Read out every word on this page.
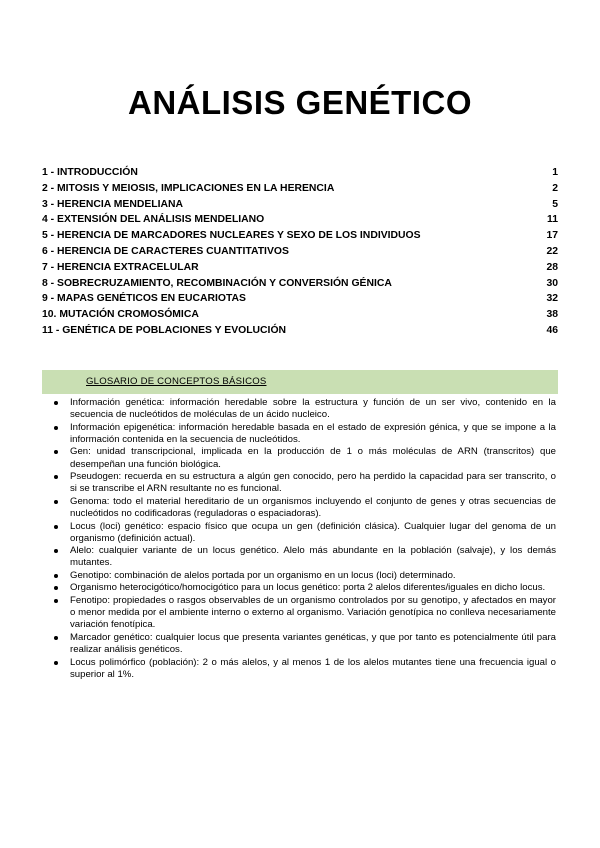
ANÁLISIS GENÉTICO
1 - INTRODUCCIÓN	1
2 - MITOSIS Y MEIOSIS, IMPLICACIONES EN LA HERENCIA	2
3 - HERENCIA MENDELIANA	5
4 - EXTENSIÓN DEL ANÁLISIS MENDELIANO	11
5 - HERENCIA DE MARCADORES NUCLEARES Y SEXO DE LOS INDIVIDUOS	17
6 - HERENCIA DE CARACTERES CUANTITATIVOS	22
7 - HERENCIA EXTRACELULAR	28
8 - SOBRECRUZAMIENTO, RECOMBINACIÓN Y CONVERSIÓN GÉNICA	30
9 - MAPAS GENÉTICOS EN EUCARIOTAS	32
10. MUTACIÓN CROMOSÓMICA	38
11 - GENÉTICA DE POBLACIONES Y EVOLUCIÓN	46
GLOSARIO DE CONCEPTOS BÁSICOS
Información genética: información heredable sobre la estructura y función de un ser vivo, contenido en la secuencia de nucleótidos de moléculas de un ácido nucleico.
Información epigenética: información heredable basada en el estado de expresión génica, y que se impone a la información contenida en la secuencia de nucleótidos.
Gen: unidad transcripcional, implicada en la producción de 1 o más moléculas de ARN (transcritos) que desempeñan una función biológica.
Pseudogen: recuerda en su estructura a algún gen conocido, pero ha perdido la capacidad para ser transcrito, o si se transcribe el ARN resultante no es funcional.
Genoma: todo el material hereditario de un organismos incluyendo el conjunto de genes y otras secuencias de nucleótidos no codificadoras (reguladoras o espaciadoras).
Locus (loci) genético: espacio físico que ocupa un gen (definición clásica). Cualquier lugar del genoma de un organismo (definición actual).
Alelo: cualquier variante de un locus genético. Alelo más abundante en la población (salvaje), y los demás mutantes.
Genotipo: combinación de alelos portada por un organismo en un locus (loci) determinado.
Organismo heterocigótico/homocigótico para un locus genético: porta 2 alelos diferentes/iguales en dicho locus.
Fenotipo: propiedades o rasgos observables de un organismo controlados por su genotipo, y afectados en mayor o menor medida por el ambiente interno o externo al organismo. Variación genotípica no conlleva necesariamente variación fenotípica.
Marcador genético: cualquier locus que presenta variantes genéticas, y que por tanto es potencialmente útil para realizar análisis genéticos.
Locus polimórfico (población): 2 o más alelos, y al menos 1 de los alelos mutantes tiene una frecuencia igual o superior al 1%.
